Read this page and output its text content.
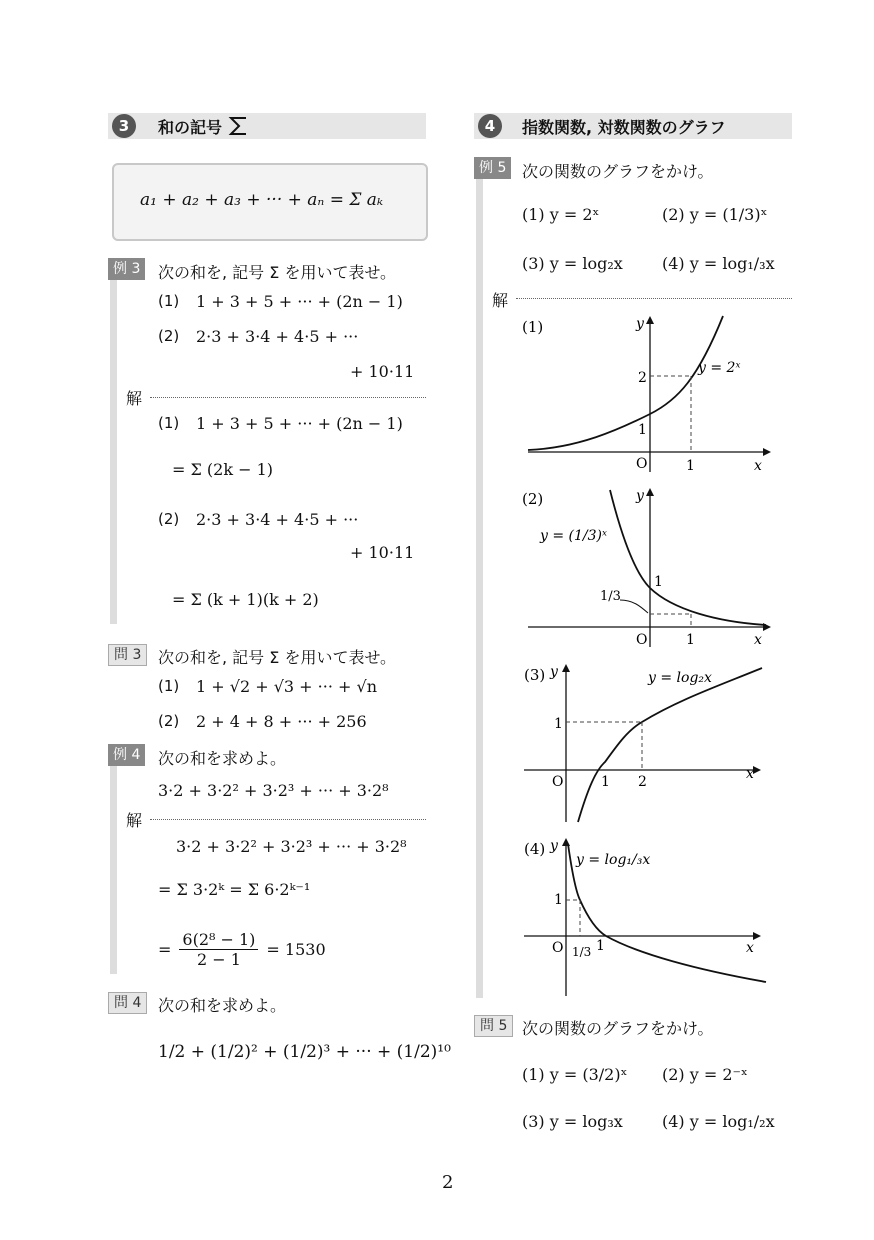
3	和の記号
a₁ + a₂ + a₃ + ··· + aₙ = Σ aₖ
例 3	次の和を, 記号 Σ を用いて表せ。
(1) 1 + 3 + 5 + ··· + (2n − 1)
(2) 2·3 + 3·4 + 4·5 + ···
+ 10·11
解
(1) 1 + 3 + 5 + ··· + (2n − 1)
= Σ (2k − 1)
(2) 2·3 + 3·4 + 4·5 + ···
+ 10·11
= Σ (k + 1)(k + 2)
問 3	次の和を, 記号 Σ を用いて表せ。
(1) 1 + √2 + √3 + ··· + √n
(2) 2 + 4 + 8 + ··· + 256
例 4	次の和を求めよ。
3·2 + 3·2² + 3·2³ + ··· + 3·2⁸
解
3·2 + 3·2² + 3·2³ + ··· + 3·2⁸
= Σ 3·2ᵏ = Σ 6·2ᵏ⁻¹
= $\frac{\text{6(2⁸ − 1)}}{2 - 1} = 1530$
問 4	次の和を求めよ。
1/2 + (1/2)² + (1/2)³ + ··· + (1/2)¹⁰
4	指数関数, 対数関数のグラフ
例 5 次の関数のグラフをかけ。
(1) y = 2ˣ	(2) y = (1/3)ˣ
(3) y = log₂x (4) y = log₁/₃x
解
(1)	y
x
y = 2ˣ
2
1
O	1
(2)	y
x
y = (1/3)ˣ
1
1/3
O	1
(3) y
x
y = log₂x
1
O	1 2
(4) y
x
y = log₁/₃x
1
O 1/3 1
問 5 次の関数のグラフをかけ。
(1) y = (3/2)ˣ (2) y = 2⁻ˣ
(3) y = log₃x (4) y = log₁/₂x
2
